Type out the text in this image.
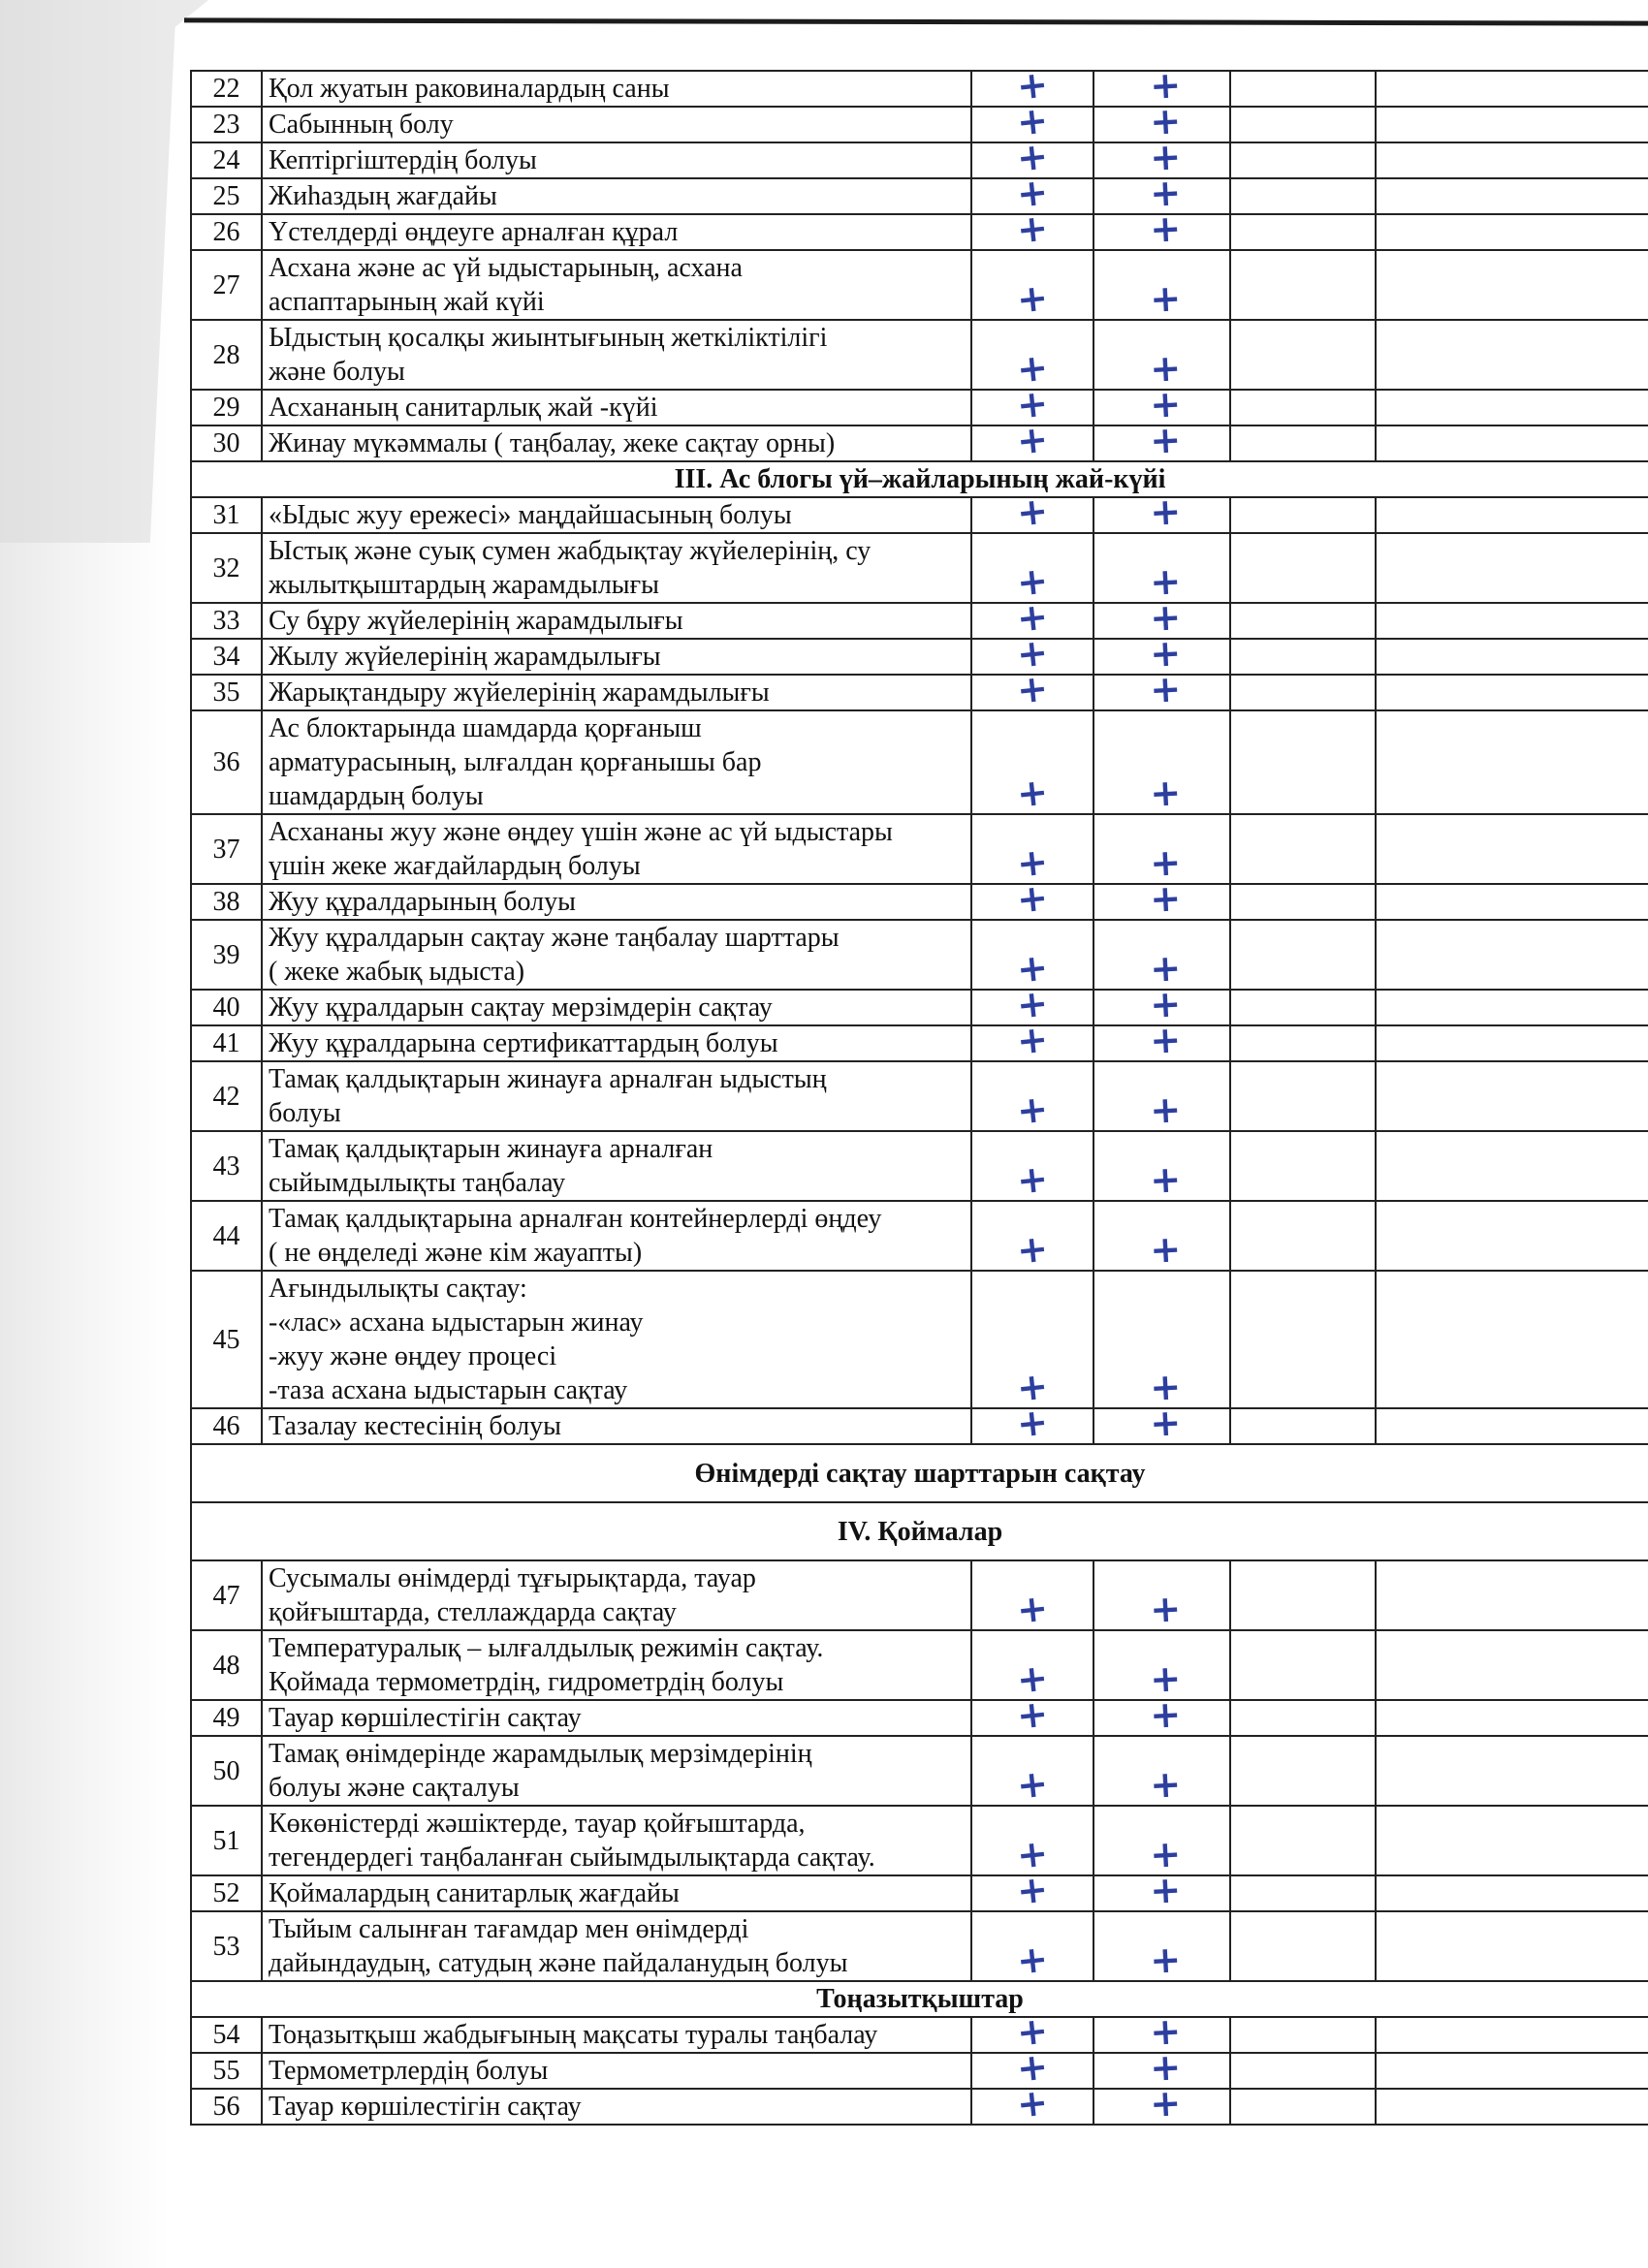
22	Қол жуатын раковиналардың саны	+	+		

23	Сабынның болу	+	+		

24	Кептіргіштердің болуы	+	+		

25	Жиһаздың жағдайы	+	+		

26	Үстелдерді өңдеуге арналған құрал	+	+		

27	Асхана және ас үй ыдыстарының, асхана
аспаптарының жай күйі	+	+		

28	Ыдыстың қосалқы жиынтығының жеткіліктілігі
және болуы	+	+		

29	Асхананың санитарлық жай -күйі	+	+		

30	Жинау мүкәммалы ( таңбалау, жеке сақтау орны)	+	+		

III. Ас блогы үй–жайларының жай-күйі					
31	«Ыдыс жуу ережесі» маңдайшасының болуы	+	+		

32	Ыстық және суық сумен жабдықтау жүйелерінің, су
жылытқыштардың жарамдылығы	+	+		

33	Су бұру жүйелерінің жарамдылығы	+	+		

34	Жылу жүйелерінің жарамдылығы	+	+		

35	Жарықтандыру жүйелерінің жарамдылығы	+	+		

36	Ас блоктарында шамдарда қорғаныш
арматурасының, ылғалдан қорғанышы бар
шамдардың болуы	+	+		

37	Асхананы жуу және өңдеу үшін және ас үй ыдыстары
үшін жеке жағдайлардың болуы	+	+		

38	Жуу құралдарының болуы	+	+		

39	Жуу құралдарын сақтау және таңбалау шарттары
( жеке жабық ыдыста)	+	+		

40	Жуу құралдарын сақтау мерзімдерін сақтау	+	+		

41	Жуу құралдарына сертификаттардың болуы	+	+		

42	Тамақ қалдықтарын жинауға арналған ыдыстың
болуы	+	+		

43	Тамақ қалдықтарын жинауға арналған
сыйымдылықты таңбалау	+	+		

44	Тамақ қалдықтарына арналған контейнерлерді өңдеу
( не өңделеді және кім жауапты)	+	+		

45	Ағындылықты сақтау:
-«лас» асхана ыдыстарын жинау
-жуу және өңдеу процесі
-таза асхана ыдыстарын сақтау	+	+		

46	Тазалау кестесінің болуы	+	+		

Өнімдерді сақтау шарттарын сақтау					
IV. Қоймалар					
47	Сусымалы өнімдерді тұғырықтарда, тауар
қойғыштарда, стеллаждарда сақтау	+	+		

48	Температуралық – ылғалдылық режимін сақтау.
Қоймада термометрдің, гидрометрдің болуы	+	+		

49	Тауар көршілестігін сақтау	+	+		

50	Тамақ өнімдерінде жарамдылық мерзімдерінің
болуы және сақталуы	+	+		

51	Көкөністерді жәшіктерде, тауар қойғыштарда,
тегендердегі таңбаланған сыйымдылықтарда сақтау.	+	+		

52	Қоймалардың санитарлық жағдайы	+	+		

53	Тыйым салынған тағамдар мен өнімдерді
дайындаудың, сатудың және пайдаланудың болуы	+	+		

Тоңазытқыштар					
54	Тоңазытқыш жабдығының мақсаты туралы таңбалау	+	+		

55	Термометрлердің болуы	+	+		

56	Тауар көршілестігін сақтау	+	+		
